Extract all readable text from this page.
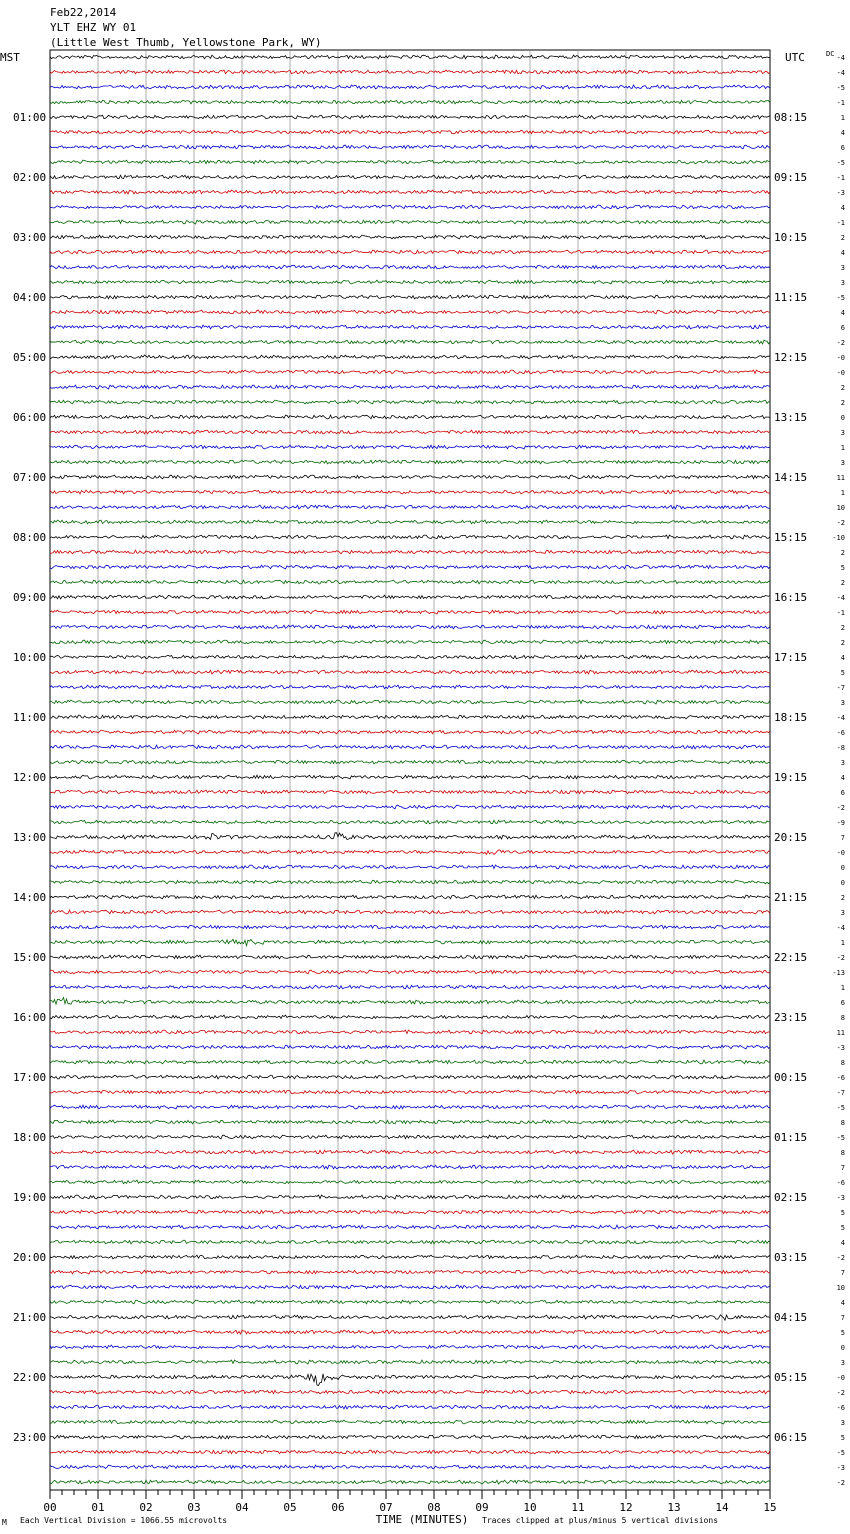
Feb22,2014
YLT EHZ WY 01
(Little West Thumb, Yellowstone Park, WY)
MST	UTC	DC
01:00
02:00
03:00
04:00
05:00
06:00
07:00
08:00
09:00
10:00
11:00
12:00
13:00
14:00
15:00
16:00
17:00
18:00
19:00
20:00
21:00
22:00
23:00
08:15
09:15
10:15
11:15
12:15
13:15
14:15
15:15
16:15
17:15
18:15
19:15
20:15
21:15
22:15
23:15
00:15
01:15
02:15
03:15
04:15
05:15
06:15
-4
-4
-5
-1
1
4
6
-5
-1
-3
4
-1
2
4
3
3
-5
4
6
-2
-0
-0
2
2
0
3
1
3
11
1
10
-2
-10
2
5
2
-4
-1
2
2
4
5
-7
3
-4
-6
-8
3
4
6
-2
-9
7
-0
0
0
2
3
-4
1
-2
-13
1
6
8
11
-3
8
-6
-7
-5
8
-5
8
7
-6
-3
5
5
4
-2
7
10
4
7
5
0
3
-0
-2
-6
3
5
-5
-3
-2
00	01	02	03	04	05	06	07	08	09	10	11	12	13	14	15
TIME (MINUTES)
Each Vertical Division = 1066.55 microvolts	Traces clipped at plus/minus 5 vertical divisions
M
